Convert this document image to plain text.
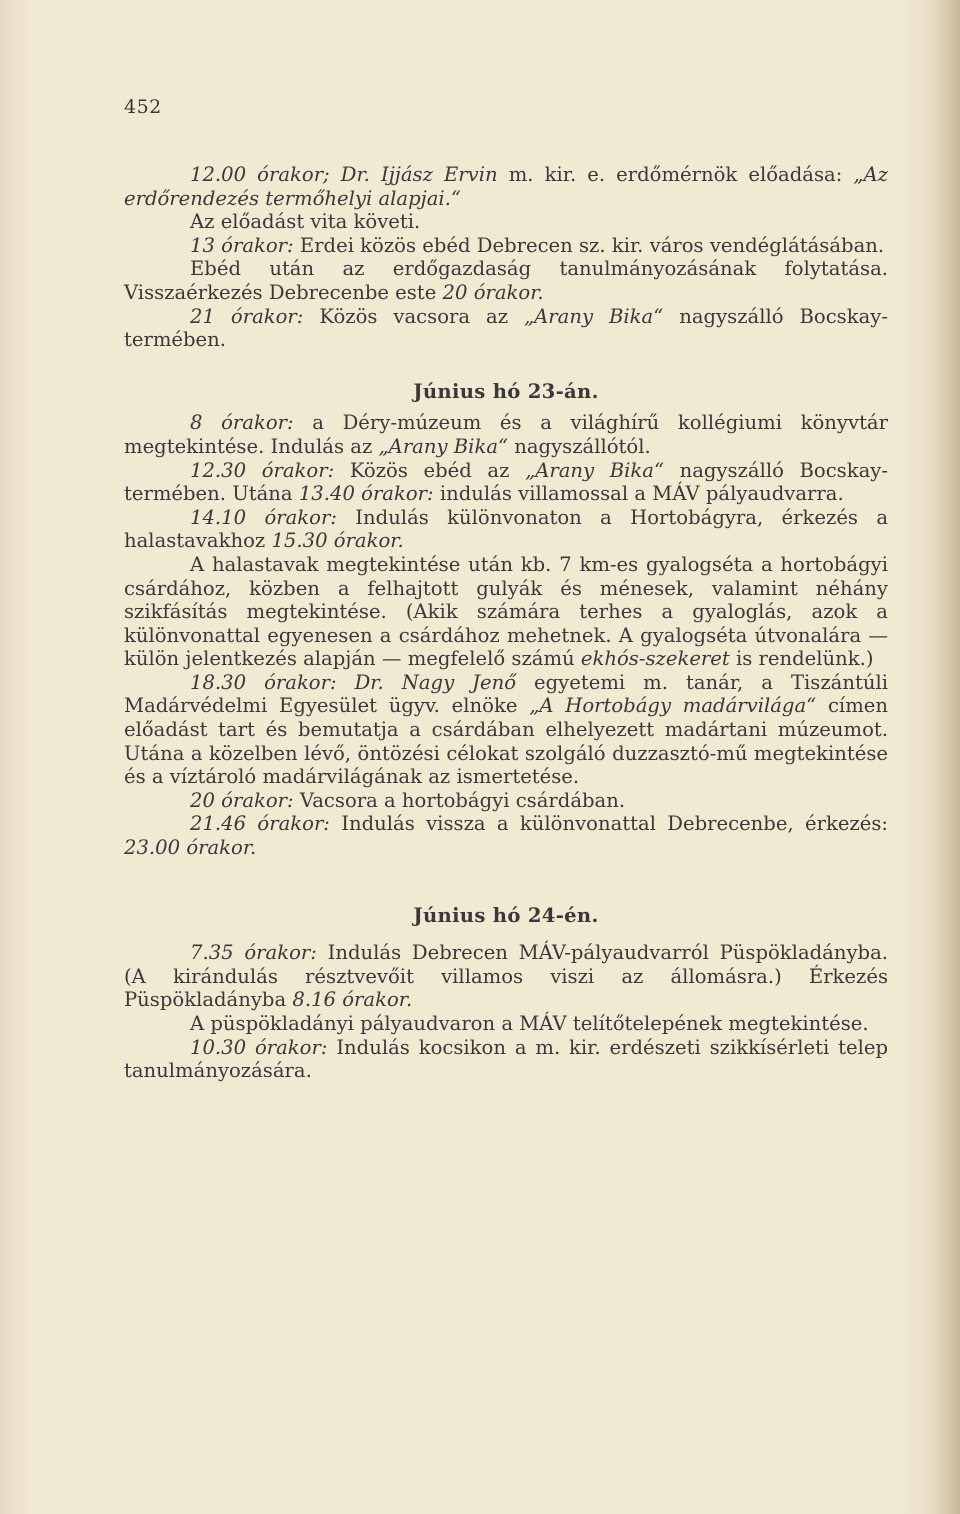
452

12.00 órakor; Dr. Ijjász Ervin m. kir. e. erdőmérnök előadása: „Az erdőrendezés termőhelyi alapjai.“

Az előadást vita követi.

13 órakor: Erdei közös ebéd Debrecen sz. kir. város vendéglátásában.

Ebéd után az erdőgazdaság tanulmányozásának folytatása. Visszaérkezés Debrecenbe este 20 órakor.

21 órakor: Közös vacsora az „Arany Bika“ nagyszálló Bocskay-termében.

Június hó 23-án.

8 órakor: a Déry-múzeum és a világhírű kollégiumi könyvtár megtekintése. Indulás az „Arany Bika“ nagyszállótól.

12.30 órakor: Közös ebéd az „Arany Bika“ nagyszálló Bocskay-termében. Utána 13.40 órakor: indulás villamossal a MÁV pályaudvarra.

14.10 órakor: Indulás különvonaton a Hortobágyra, érkezés a halastavakhoz 15.30 órakor.

A halastavak megtekintése után kb. 7 km-es gyalogséta a hortobágyi csárdához, közben a felhajtott gulyák és ménesek, valamint néhány szikfásítás megtekintése. (Akik számára terhes a gyaloglás, azok a különvonattal egyenesen a csárdához mehetnek. A gyalogséta útvonalára — külön jelentkezés alapján — megfelelő számú ekhós-szekeret is rendelünk.)

18.30 órakor: Dr. Nagy Jenő egyetemi m. tanár, a Tiszántúli Madárvédelmi Egyesület ügyv. elnöke „A Hortobágy madárvilága“ címen előadást tart és bemutatja a csárdában elhelyezett madártani múzeumot. Utána a közelben lévő, öntözési célokat szolgáló duzzasztó-mű megtekintése és a víztároló madárvilágának az ismertetése.

20 órakor: Vacsora a hortobágyi csárdában.

21.46 órakor: Indulás vissza a különvonattal Debrecenbe, érkezés: 23.00 órakor.

Június hó 24-én.

7.35 órakor: Indulás Debrecen MÁV-pályaudvarról Püspökladányba. (A kirándulás résztvevőit villamos viszi az állomásra.) Érkezés Püspökladányba 8.16 órakor.

A püspökladányi pályaudvaron a MÁV telítőtelepének megtekintése.

10.30 órakor: Indulás kocsikon a m. kir. erdészeti szikkísérleti telep tanulmányozására.
